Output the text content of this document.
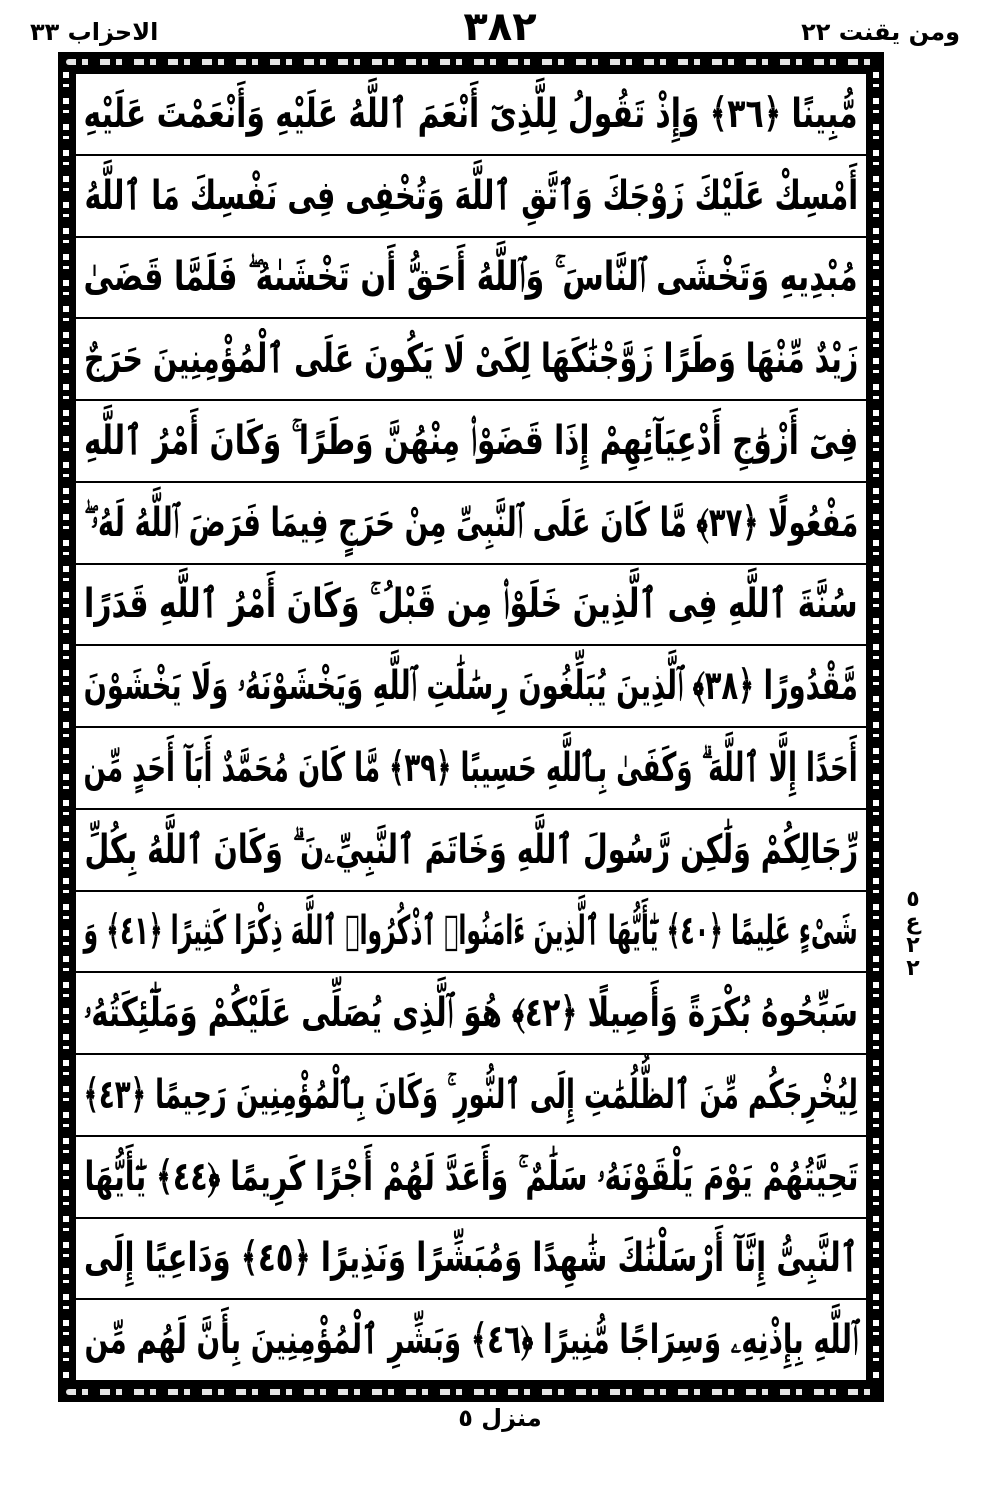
الاحزاب ٣٣	٣٨٢	ومن يقنت ٢٢
مُّبِينًا ﴿٣٦﴾ وَإِذْ تَقُولُ لِلَّذِىٓ أَنْعَمَ ٱللَّهُ عَلَيْهِ وَأَنْعَمْتَ عَلَيْهِ
أَمْسِكْ عَلَيْكَ زَوْجَكَ وَٱتَّقِ ٱللَّهَ وَتُخْفِى فِى نَفْسِكَ مَا ٱللَّهُ
مُبْدِيهِ وَتَخْشَى ٱلنَّاسَ ۚ وَٱللَّهُ أَحَقُّ أَن تَخْشَىٰهُ ۖ فَلَمَّا قَضَىٰ
زَيْدٌ مِّنْهَا وَطَرًا زَوَّجْنَٰكَهَا لِكَىْ لَا يَكُونَ عَلَى ٱلْمُؤْمِنِينَ حَرَجٌ
فِىٓ أَزْوَٰجِ أَدْعِيَآئِهِمْ إِذَا قَضَوْا۟ مِنْهُنَّ وَطَرًا ۚ وَكَانَ أَمْرُ ٱللَّهِ
مَفْعُولًا ﴿٣٧﴾ مَّا كَانَ عَلَى ٱلنَّبِىِّ مِنْ حَرَجٍ فِيمَا فَرَضَ ٱللَّهُ لَهُۥ ۖ
سُنَّةَ ٱللَّهِ فِى ٱلَّذِينَ خَلَوْا۟ مِن قَبْلُ ۚ وَكَانَ أَمْرُ ٱللَّهِ قَدَرًا
مَّقْدُورًا ﴿٣٨﴾ ٱلَّذِينَ يُبَلِّغُونَ رِسَٰلَٰتِ ٱللَّهِ وَيَخْشَوْنَهُۥ وَلَا يَخْشَوْنَ
أَحَدًا إِلَّا ٱللَّهَ ۗ وَكَفَىٰ بِٱللَّهِ حَسِيبًا ﴿٣٩﴾ مَّا كَانَ مُحَمَّدٌ أَبَآ أَحَدٍ مِّن
رِّجَالِكُمْ وَلَٰكِن رَّسُولَ ٱللَّهِ وَخَاتَمَ ٱلنَّبِيِّۦنَ ۗ وَكَانَ ٱللَّهُ بِكُلِّ
شَىْءٍ عَلِيمًا ﴿٤٠﴾ يَٰٓأَيُّهَا ٱلَّذِينَ ءَامَنُوا۟ ٱذْكُرُوا۟ ٱللَّهَ ذِكْرًا كَثِيرًا ﴿٤١﴾ وَ
سَبِّحُوهُ بُكْرَةً وَأَصِيلًا ﴿٤٢﴾ هُوَ ٱلَّذِى يُصَلِّى عَلَيْكُمْ وَمَلَٰٓئِكَتُهُۥ
لِيُخْرِجَكُم مِّنَ ٱلظُّلُمَٰتِ إِلَى ٱلنُّورِ ۚ وَكَانَ بِٱلْمُؤْمِنِينَ رَحِيمًا ﴿٤٣﴾
تَحِيَّتُهُمْ يَوْمَ يَلْقَوْنَهُۥ سَلَٰمٌ ۚ وَأَعَدَّ لَهُمْ أَجْرًا كَرِيمًا ﴿٤٤﴾ يَٰٓأَيُّهَا
ٱلنَّبِىُّ إِنَّآ أَرْسَلْنَٰكَ شَٰهِدًا وَمُبَشِّرًا وَنَذِيرًا ﴿٤٥﴾ وَدَاعِيًا إِلَى
ٱللَّهِ بِإِذْنِهِۦ وَسِرَاجًا مُّنِيرًا ﴿٤٦﴾ وَبَشِّرِ ٱلْمُؤْمِنِينَ بِأَنَّ لَهُم مِّن
٥
ع
٢
٢
منزل ٥
